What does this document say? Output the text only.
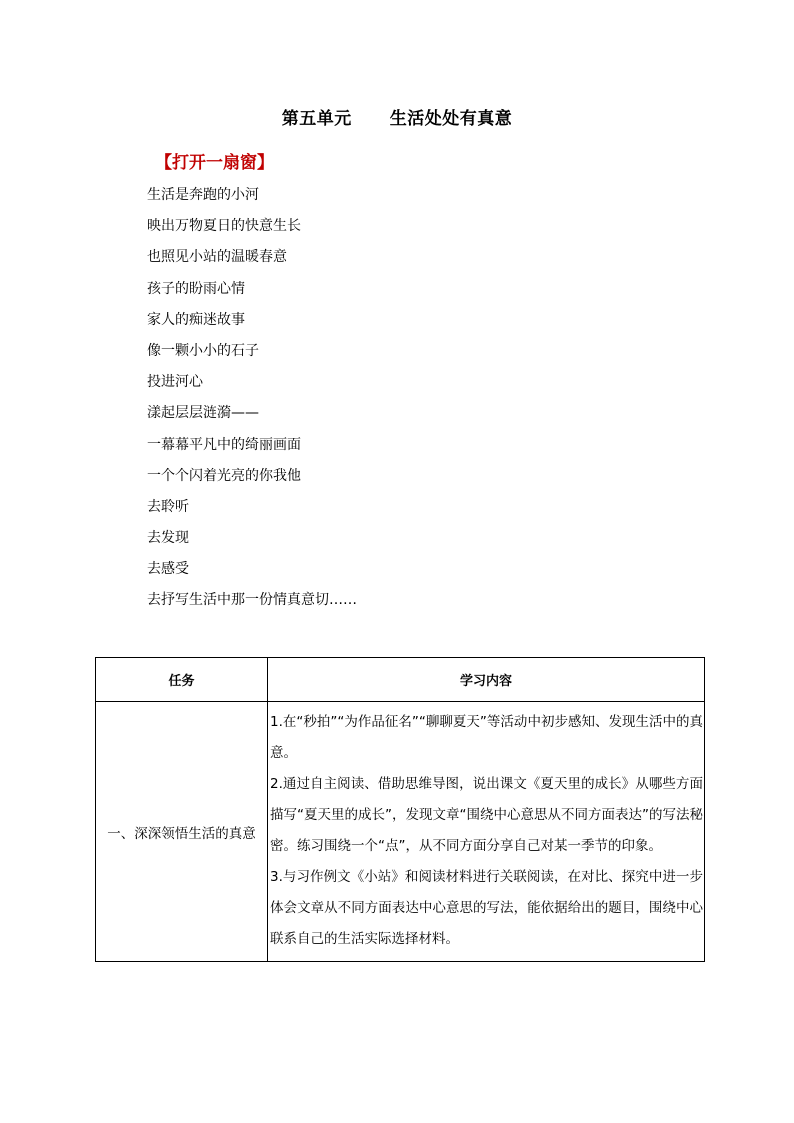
第五单元 生活处处有真意
【打开一扇窗】
生活是奔跑的小河
映出万物夏日的快意生长
也照见小站的温暖春意
孩子的盼雨心情
家人的痴迷故事
像一颗小小的石子
投进河心
漾起层层涟漪——
一幕幕平凡中的绮丽画面
一个个闪着光亮的你我他
去聆听
去发现
去感受
去抒写生活中那一份情真意切……
任务	学习内容
一、深深领悟生活的真意	1.在“秒拍”“为作品征名”“聊聊夏天”等活动中初步感知、发现生活中的真意。

2.通过自主阅读、借助思维导图，说出课文《夏天里的成长》从哪些方面描写“夏天里的成长”，发现文章“围绕中心意思从不同方面表达”的写法秘密。练习围绕一个“点”，从不同方面分享自己对某一季节的印象。

3.与习作例文《小站》和阅读材料进行关联阅读，在对比、探究中进一步体会文章从不同方面表达中心意思的写法，能依据给出的题目，围绕中心联系自己的生活实际选择材料。
